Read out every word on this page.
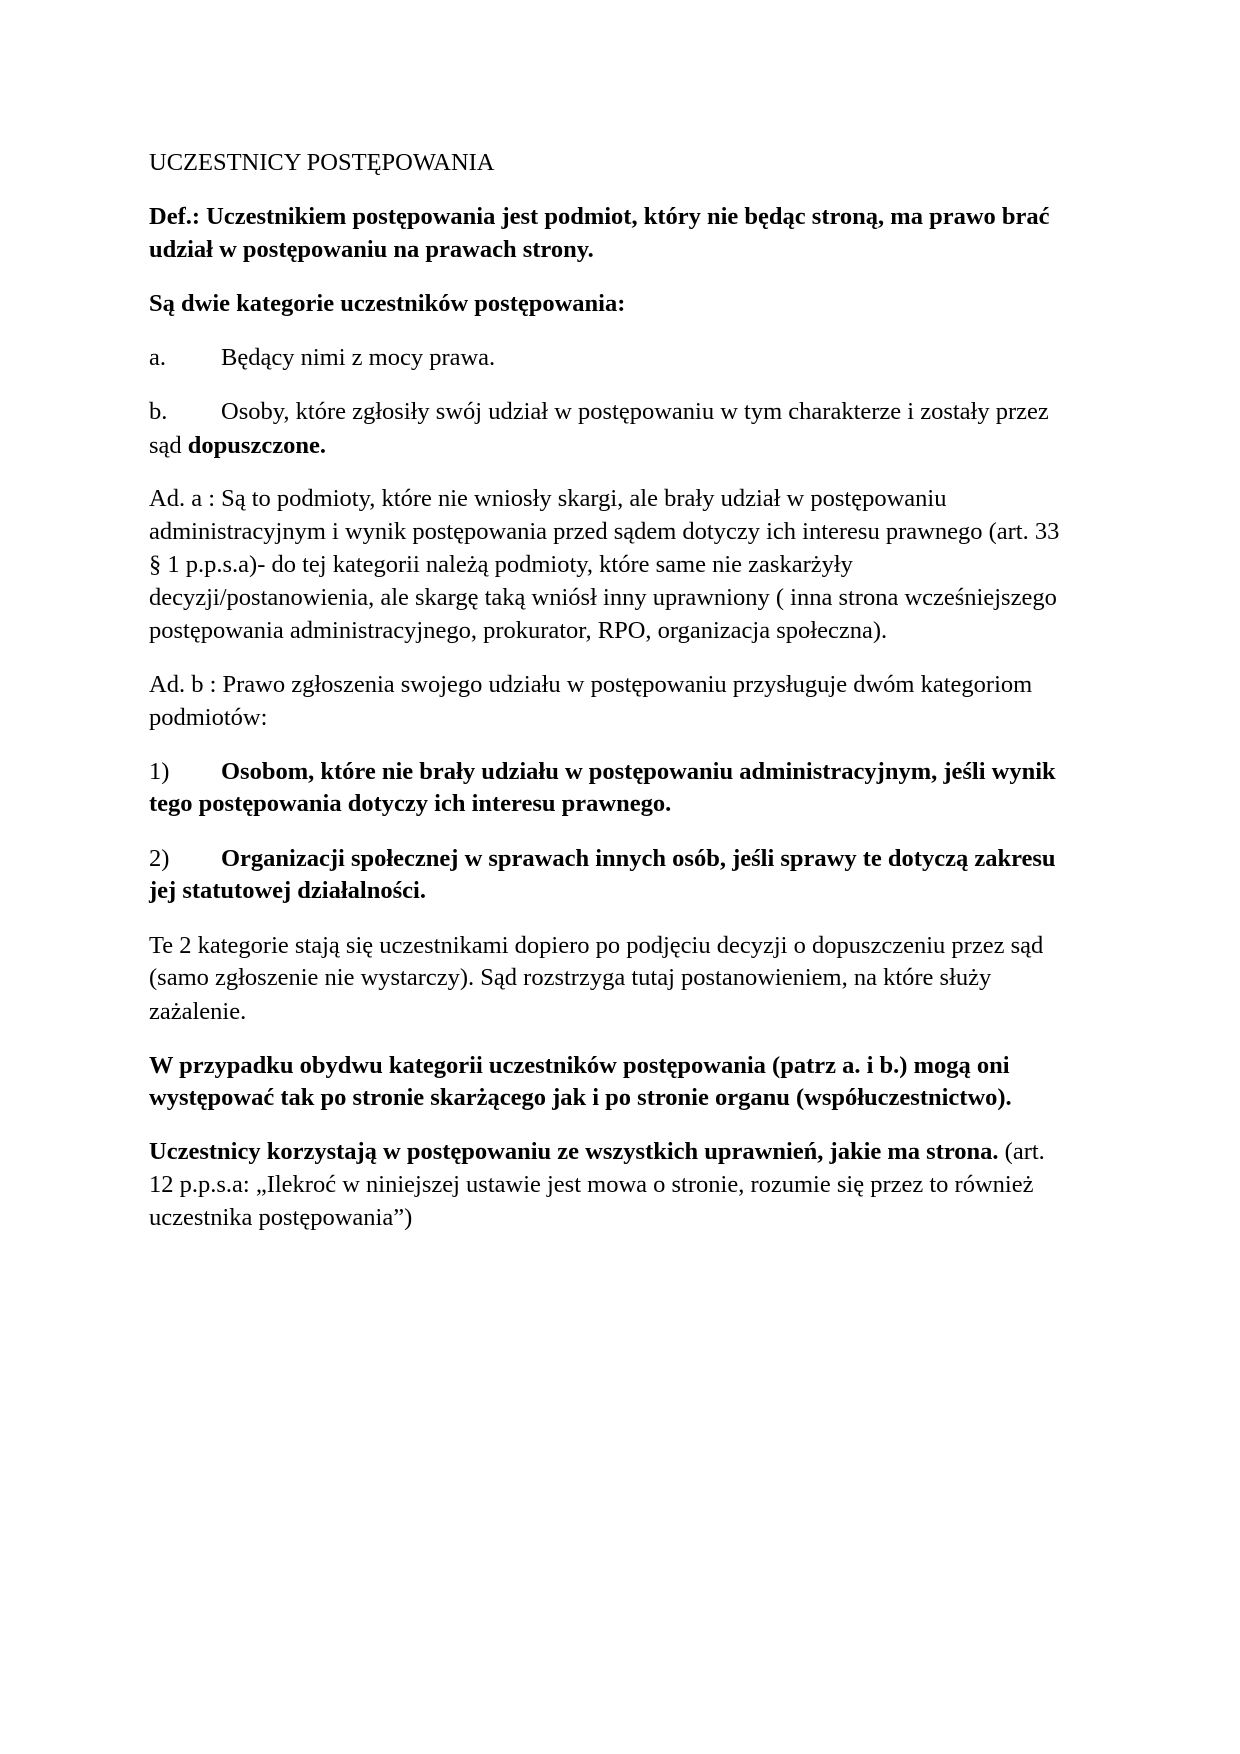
UCZESTNICY POSTĘPOWANIA
Def.: Uczestnikiem postępowania jest podmiot, który nie będąc stroną, ma prawo brać
udział w postępowaniu na prawach strony.
Są dwie kategorie uczestników postępowania:
a. Będący nimi z mocy prawa.
b. Osoby, które zgłosiły swój udział w postępowaniu w tym charakterze i zostały przez
sąd dopuszczone.
Ad. a : Są to podmioty, które nie wniosły skargi, ale brały udział w postępowaniu
administracyjnym i wynik postępowania przed sądem dotyczy ich interesu prawnego (art. 33
§ 1 p.p.s.a)- do tej kategorii należą podmioty, które same nie zaskarżyły
decyzji/postanowienia, ale skargę taką wniósł inny uprawniony ( inna strona wcześniejszego
postępowania administracyjnego, prokurator, RPO, organizacja społeczna).
Ad. b : Prawo zgłoszenia swojego udziału w postępowaniu przysługuje dwóm kategoriom
podmiotów:
1) Osobom, które nie brały udziału w postępowaniu administracyjnym, jeśli wynik
tego postępowania dotyczy ich interesu prawnego.
2) Organizacji społecznej w sprawach innych osób, jeśli sprawy te dotyczą zakresu
jej statutowej działalności.
Te 2 kategorie stają się uczestnikami dopiero po podjęciu decyzji o dopuszczeniu przez sąd
(samo zgłoszenie nie wystarczy). Sąd rozstrzyga tutaj postanowieniem, na które służy
zażalenie.
W przypadku obydwu kategorii uczestników postępowania (patrz a. i b.) mogą oni
występować tak po stronie skarżącego jak i po stronie organu (współuczestnictwo).
Uczestnicy korzystają w postępowaniu ze wszystkich uprawnień, jakie ma strona. (art.
12 p.p.s.a: „Ilekroć w niniejszej ustawie jest mowa o stronie, rozumie się przez to również
uczestnika postępowania”)
